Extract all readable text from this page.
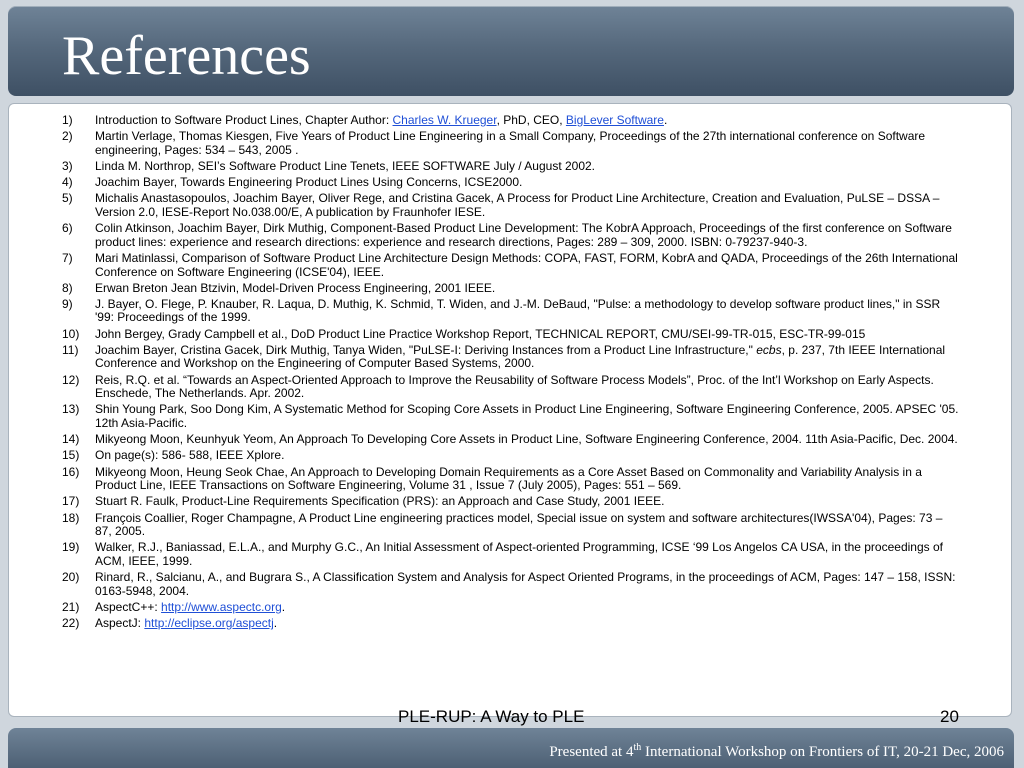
References
1) Introduction to Software Product Lines, Chapter Author: Charles W. Krueger, PhD, CEO, BigLever Software.
2) Martin Verlage, Thomas Kiesgen, Five Years of Product Line Engineering in a Small Company, Proceedings of the 27th international conference on Software engineering, Pages: 534 – 543, 2005 .
3) Linda M. Northrop, SEI’s Software Product Line Tenets, IEEE SOFTWARE July / August 2002.
4) Joachim Bayer, Towards Engineering Product Lines Using Concerns, ICSE2000.
5) Michalis Anastasopoulos, Joachim Bayer, Oliver Rege, and Cristina Gacek, A Process for Product Line Architecture, Creation and Evaluation, PuLSE – DSSA – Version 2.0, IESE-Report No.038.00/E, A publication by Fraunhofer IESE.
6) Colin Atkinson, Joachim Bayer, Dirk Muthig, Component-Based Product Line Development: The KobrA Approach, Proceedings of the first conference on Software product lines: experience and research directions: experience and research directions, Pages: 289 – 309, 2000. ISBN: 0-79237-940-3.
7) Mari Matinlassi, Comparison of Software Product Line Architecture Design Methods: COPA, FAST, FORM, KobrA and QADA, Proceedings of the 26th International Conference on Software Engineering (ICSE'04), IEEE.
8) Erwan Breton Jean Btzivin, Model-Driven Process Engineering, 2001 IEEE.
9) J. Bayer, O. Flege, P. Knauber, R. Laqua, D. Muthig, K. Schmid, T. Widen, and J.-M. DeBaud, "Pulse: a methodology to develop software product lines," in SSR '99: Proceedings of the 1999.
10) John Bergey, Grady Campbell et al., DoD Product Line Practice Workshop Report, TECHNICAL REPORT, CMU/SEI-99-TR-015, ESC-TR-99-015
11) Joachim Bayer, Cristina Gacek, Dirk Muthig, Tanya Widen, "PuLSE-I: Deriving Instances from a Product Line Infrastructure," ecbs, p. 237, 7th IEEE International Conference and Workshop on the Engineering of Computer Based Systems, 2000.
12) Reis, R.Q. et al. “Towards an Aspect-Oriented Approach to Improve the Reusability of Software Process Models”, Proc. of the Int’l Workshop on Early Aspects. Enschede, The Netherlands. Apr. 2002.
13) Shin Young Park, Soo Dong Kim, A Systematic Method for Scoping Core Assets in Product Line Engineering, Software Engineering Conference, 2005. APSEC '05. 12th Asia-Pacific.
14) Mikyeong Moon, Keunhyuk Yeom, An Approach To Developing Core Assets in Product Line, Software Engineering Conference, 2004. 11th Asia-Pacific, Dec. 2004.
15) On page(s): 586- 588, IEEE Xplore.
16) Mikyeong Moon, Heung Seok Chae, An Approach to Developing Domain Requirements as a Core Asset Based on Commonality and Variability Analysis in a Product Line, IEEE Transactions on Software Engineering, Volume 31 , Issue 7 (July 2005), Pages: 551 – 569.
17) Stuart R. Faulk, Product-Line Requirements Specification (PRS): an Approach and Case Study, 2001 IEEE.
18) François Coallier, Roger Champagne, A Product Line engineering practices model, Special issue on system and software architectures(IWSSA'04), Pages: 73 – 87, 2005.
19) Walker, R.J., Baniassad, E.L.A., and Murphy G.C., An Initial Assessment of Aspect-oriented Programming, ICSE ‘99 Los Angelos CA USA, in the proceedings of ACM, IEEE, 1999.
20) Rinard, R., Salcianu, A., and Bugrara S., A Classification System and Analysis for Aspect Oriented Programs, in the proceedings of ACM, Pages: 147 – 158, ISSN: 0163-5948, 2004.
21) AspectC++: http://www.aspectc.org.
22) AspectJ: http://eclipse.org/aspectj.
PLE-RUP: A Way to PLE	20
Presented at 4th International Workshop on Frontiers of IT, 20-21 Dec, 2006
